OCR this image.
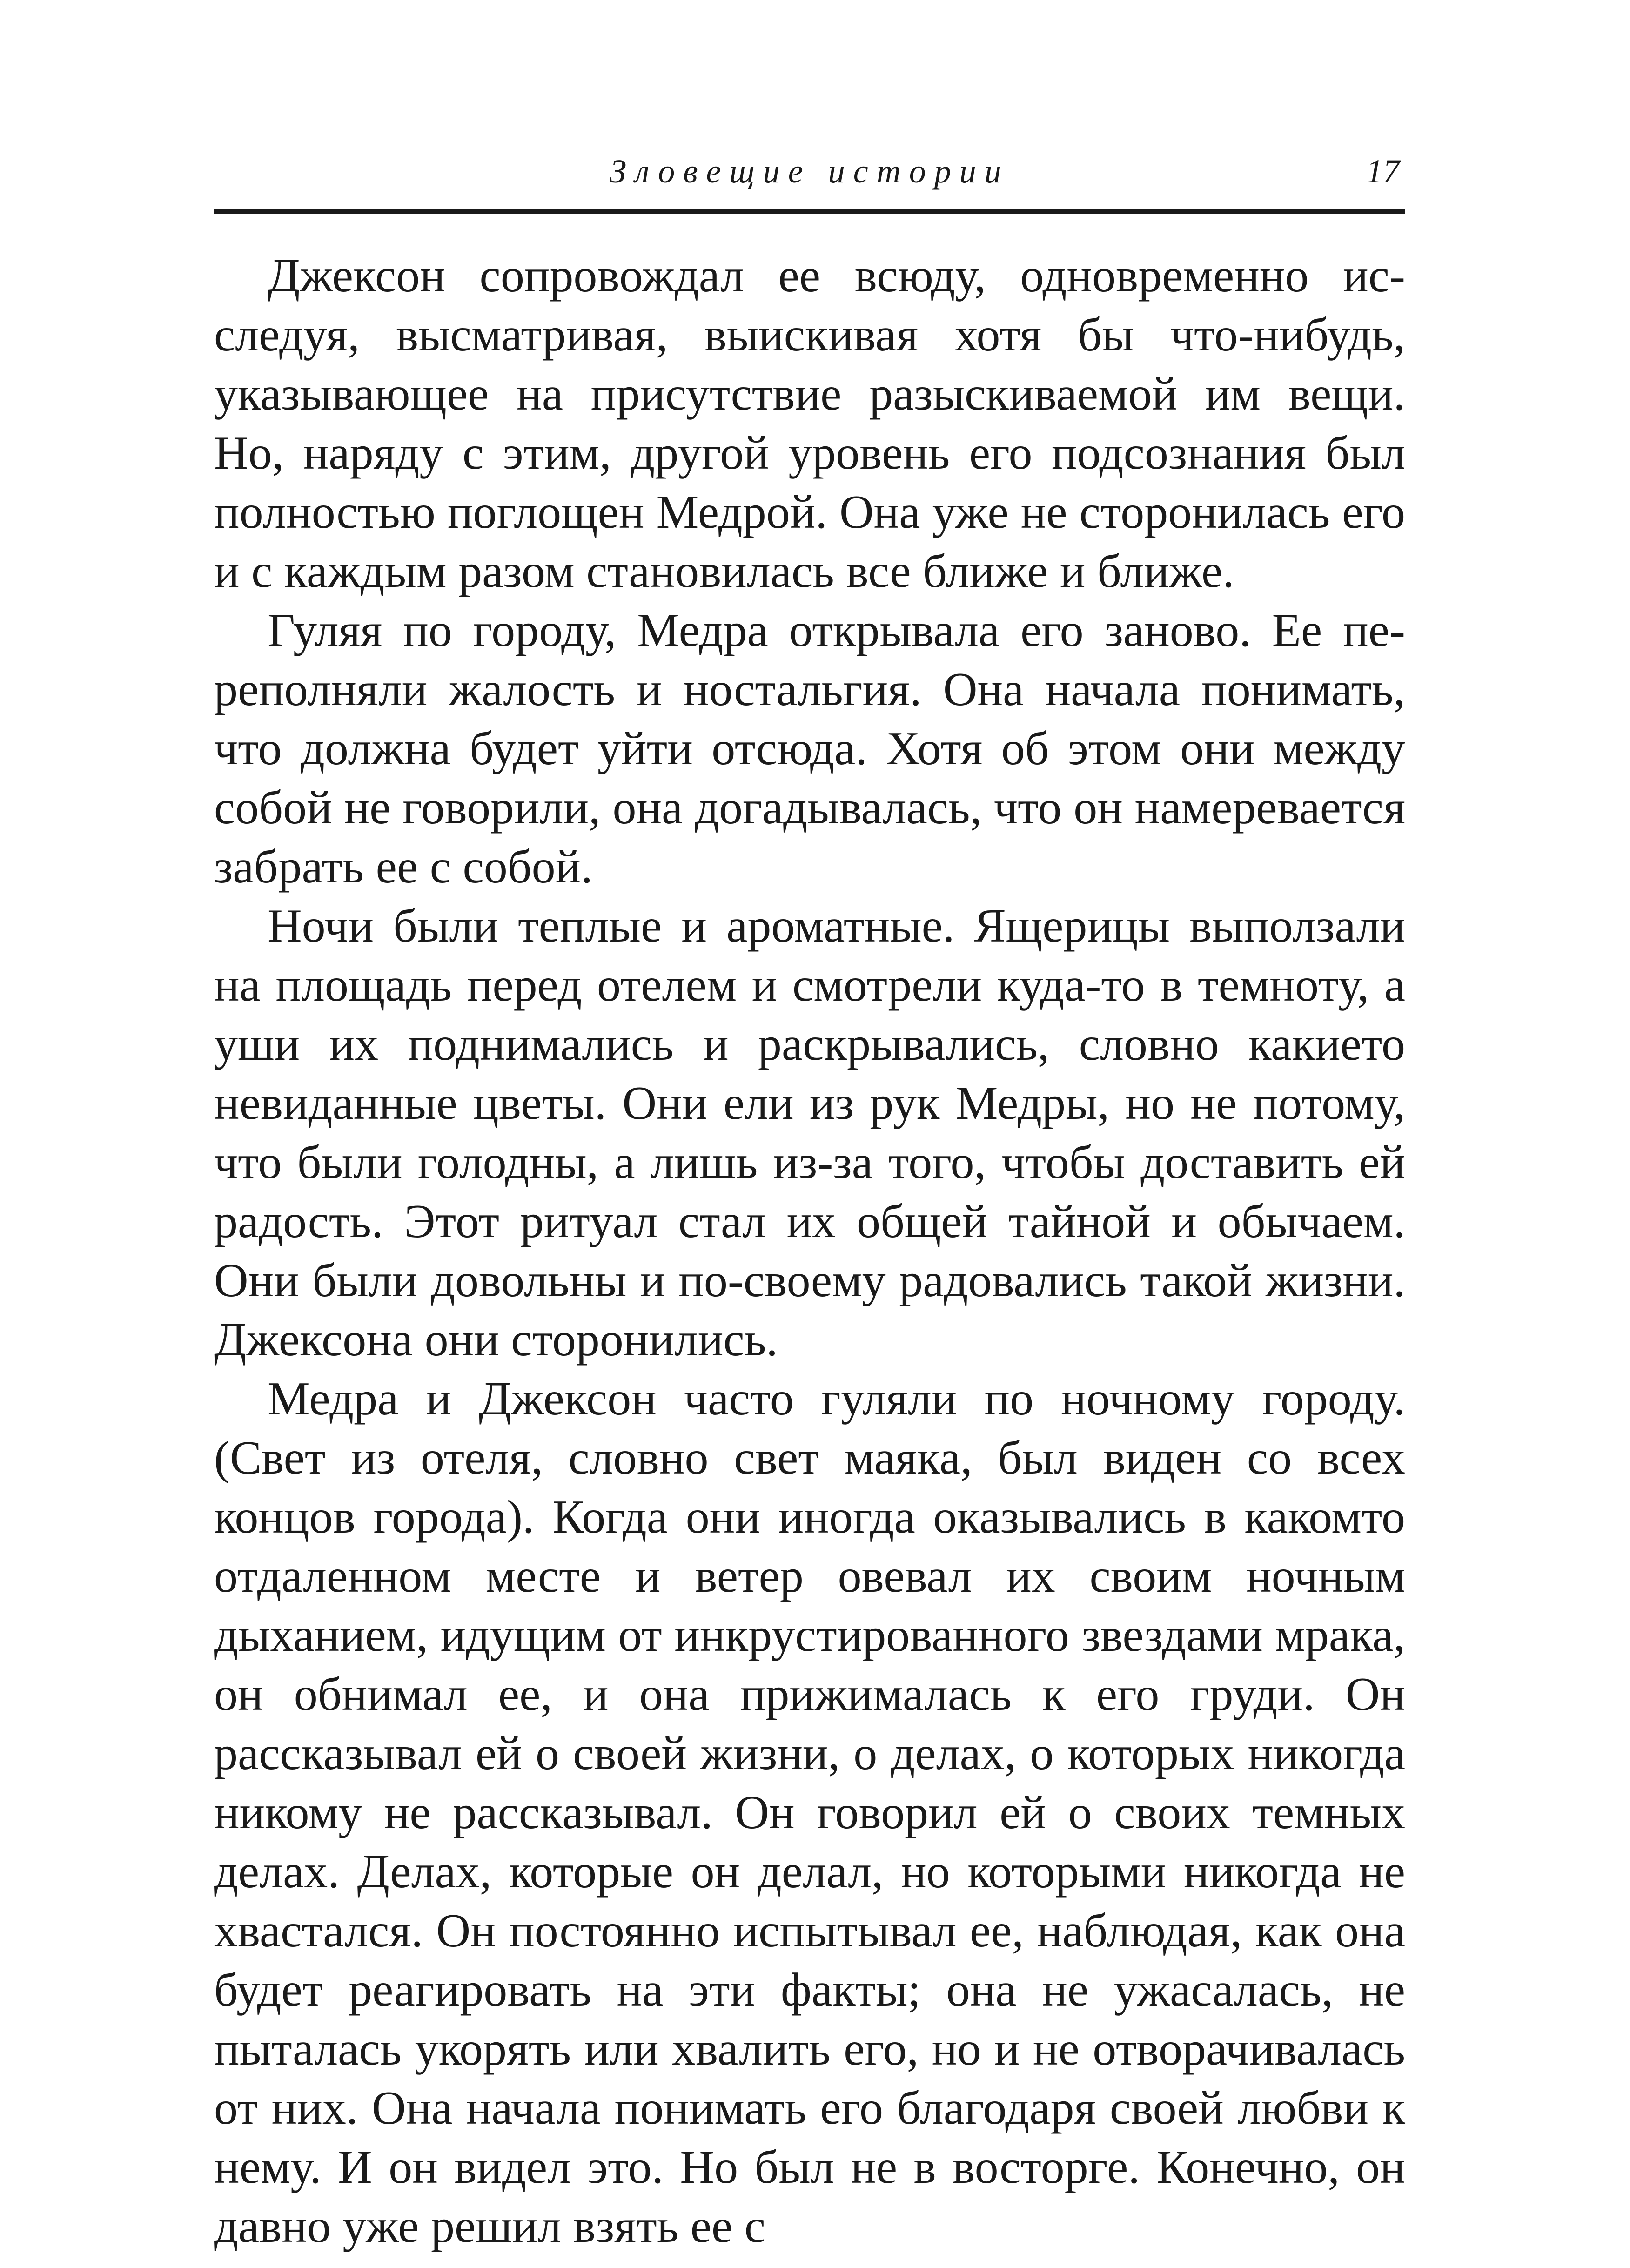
Зловещие истории	17

Джексон сопровождал ее всюду, одновременно исследуя, высматривая, выискивая хотя бы что-нибудь, указывающее на присутствие разыскиваемой им вещи. Но, наряду с этим, другой уровень его подсознания был полностью поглощен Медрой. Она уже не сторонилась его и с каждым разом становилась все ближе и ближе.

Гуляя по городу, Медра открывала его заново. Ее переполняли жалость и ностальгия. Она начала понимать, что должна будет уйти отсюда. Хотя об этом они между собой не говорили, она догадывалась, что он намеревается забрать ее с собой.

Ночи были теплые и ароматные. Ящерицы выползали на площадь перед отелем и смотрели куда-то в темноту, а уши их поднимались и раскрывались, словно какието невиданные цветы. Они ели из рук Медры, но не потому, что были голодны, а лишь из-за того, чтобы доставить ей радость. Этот ритуал стал их общей тайной и обычаем. Они были довольны и по-своему радовались такой жизни. Джексона они сторонились.

Медра и Джексон часто гуляли по ночному городу. (Свет из отеля, словно свет маяка, был виден со всех концов города). Когда они иногда оказывались в какомто отдаленном месте и ветер овевал их своим ночным дыханием, идущим от инкрустированного звездами мрака, он обнимал ее, и она прижималась к его груди. Он рассказывал ей о своей жизни, о делах, о которых никогда никому не рассказывал. Он говорил ей о своих темных делах. Делах, которые он делал, но которыми никогда не хвастался. Он постоянно испытывал ее, наблюдая, как она будет реагировать на эти факты; она не ужасалась, не пыталась укорять или хвалить его, но и не отворачивалась от них. Она начала понимать его благодаря своей любви к нему. И он видел это. Но был не в восторге. Конечно, он давно уже решил взять ее с
